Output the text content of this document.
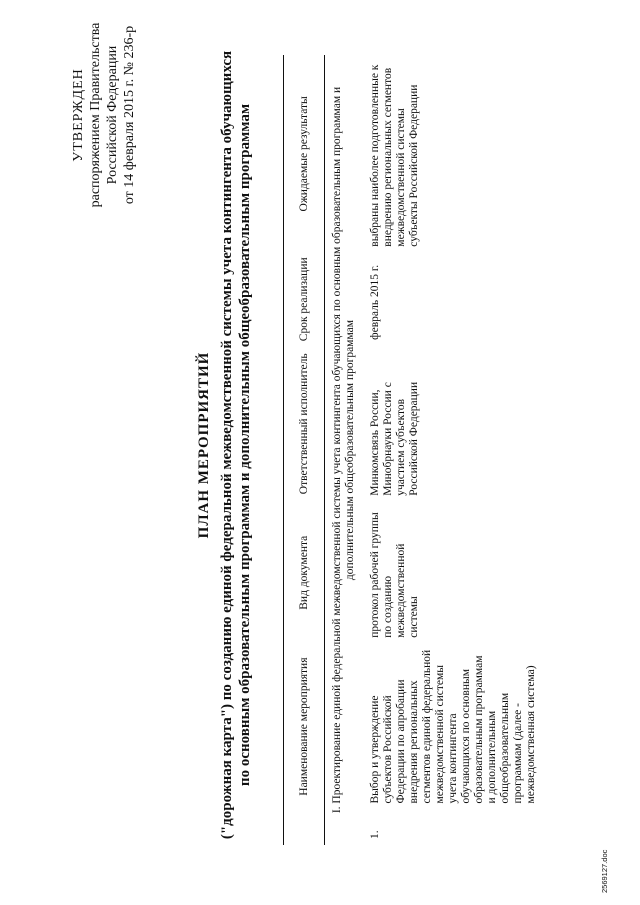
УТВЕРЖДЕН распоряжением Правительства Российской Федерации от 14 февраля 2015 г. № 236-р
ПЛАН МЕРОПРИЯТИЙ ("дорожная карта") по созданию единой федеральной межведомственной системы учета контингента обучающихся по основным образовательным программам и дополнительным общеобразовательным программам
		Наименование мероприятия	Вид документа	Ответственный исполнитель	Срок реализации	Ожидаемые результаты
I. Проектирование единой федеральной межведомственной системы учета контингента обучающихся по основным образовательным программам и дополнительным общеобразовательным программам					
1.	Выбор и утверждение субъектов Российской Федерации по апробации внедрения региональных сегментов единой федеральной межведомственной системы учета контингента обучающихся по основным образовательным программам и дополнительным общеобразовательным программам (далее - межведомственная система)	протокол рабочей группы по созданию межведомственной системы	Минкомсвязь России, Минобрнауки России с участием субъектов Российской Федерации	февраль 2015 г.	выбраны наиболее подготовленные к внедрению региональных сегментов межведомственной системы субъекты Российской Федерации
2569127.doc
